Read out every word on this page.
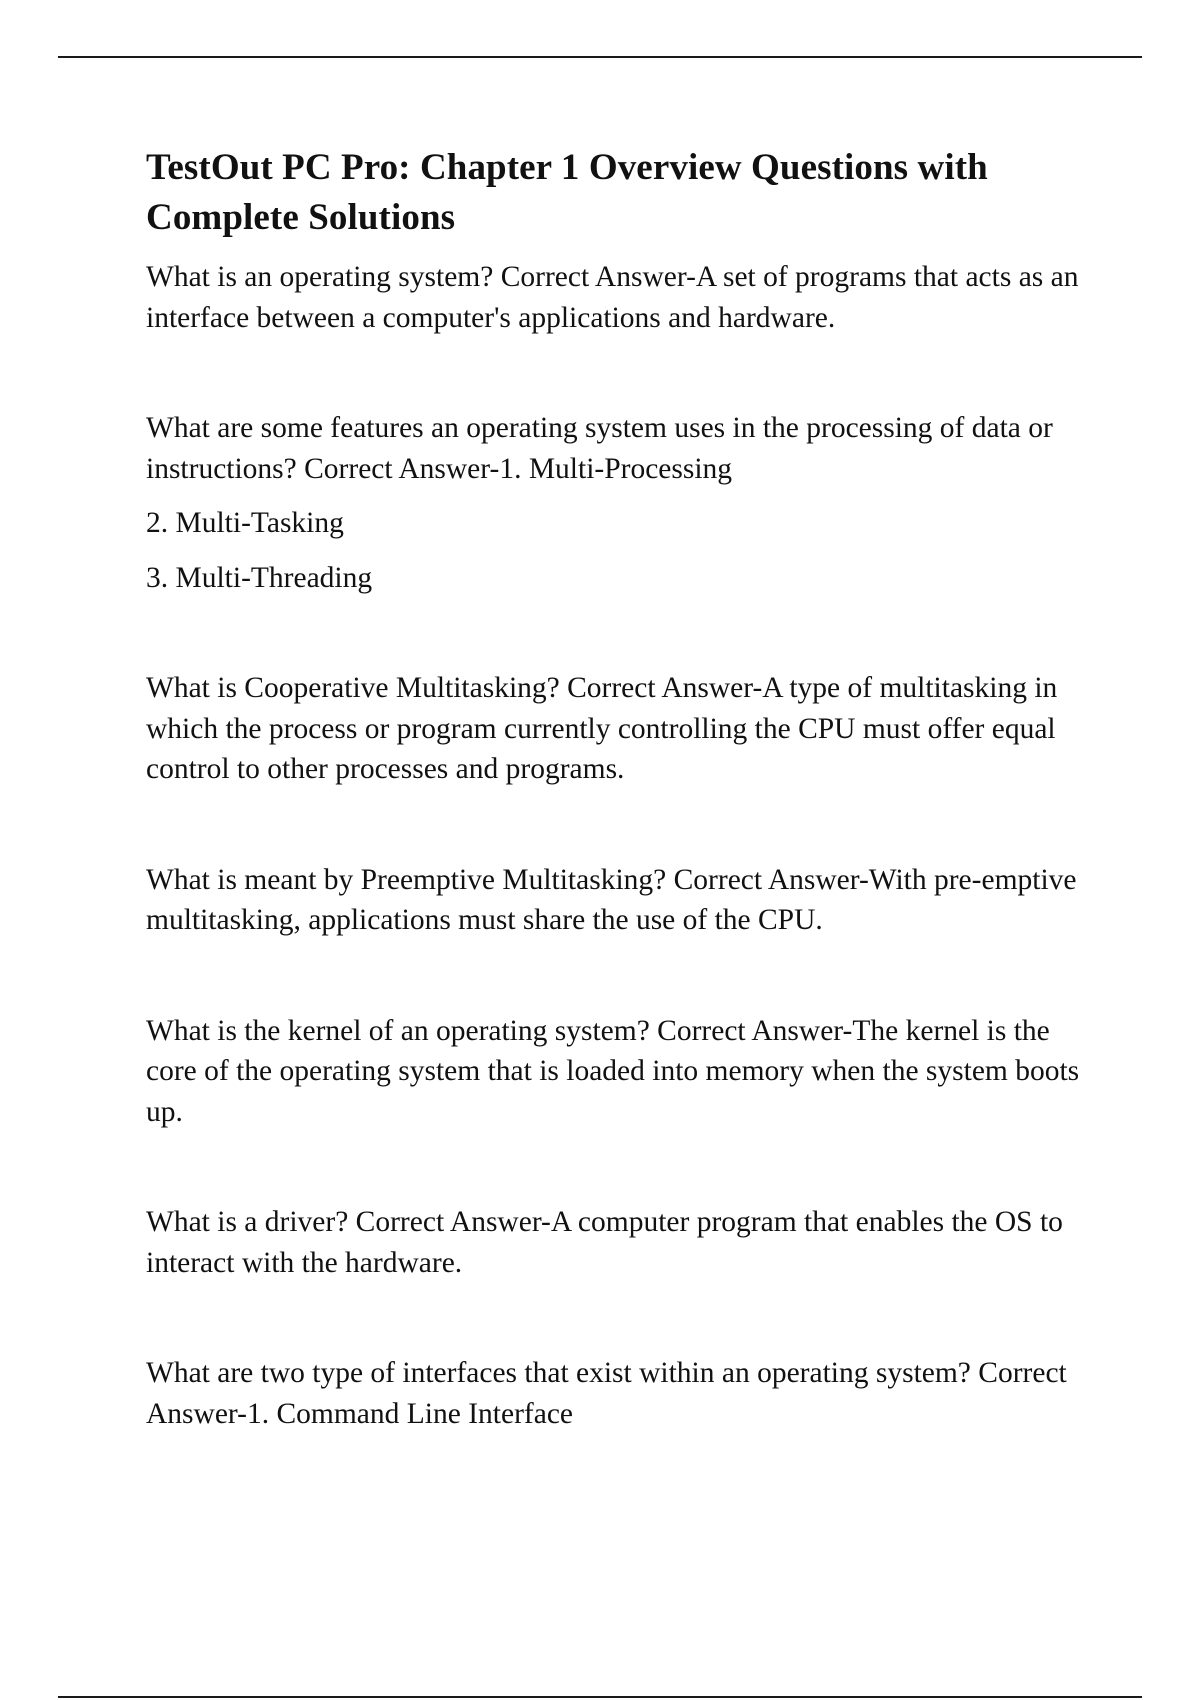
TestOut PC Pro: Chapter 1 Overview Questions with Complete Solutions

What is an operating system? Correct Answer-A set of programs that acts as an interface between a computer's applications and hardware.

What are some features an operating system uses in the processing of data or instructions? Correct Answer-1. Multi-Processing

2. Multi-Tasking

3. Multi-Threading

What is Cooperative Multitasking? Correct Answer-A type of multitasking in which the process or program currently controlling the CPU must offer equal control to other processes and programs.

What is meant by Preemptive Multitasking? Correct Answer-With pre-emptive multitasking, applications must share the use of the CPU.

What is the kernel of an operating system? Correct Answer-The kernel is the core of the operating system that is loaded into memory when the system boots up.

What is a driver? Correct Answer-A computer program that enables the OS to interact with the hardware.

What are two type of interfaces that exist within an operating system? Correct Answer-1. Command Line Interface
